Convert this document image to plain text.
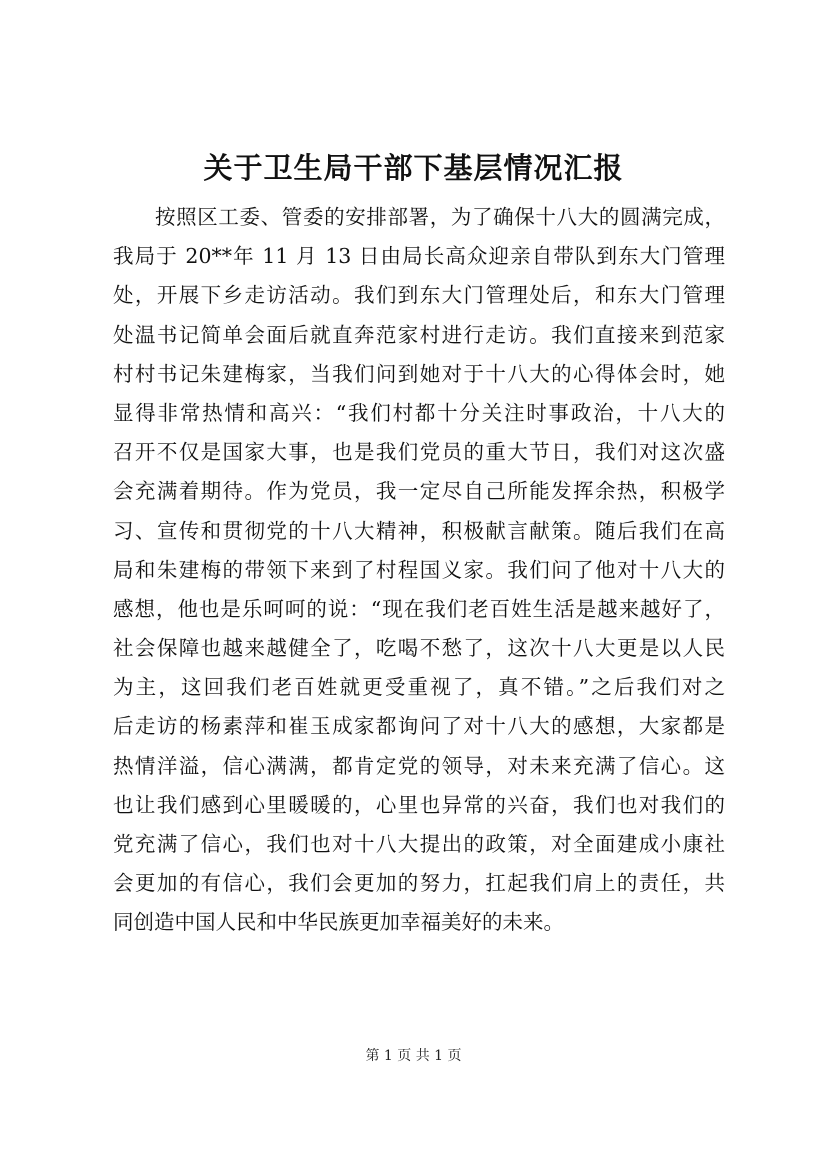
关于卫生局干部下基层情况汇报
按照区工委、管委的安排部署，为了确保十八大的圆满完成，
我局于 20**年 11 月 13 日由局长高众迎亲自带队到东大门管理
处，开展下乡走访活动。我们到东大门管理处后，和东大门管理
处温书记简单会面后就直奔范家村进行走访。我们直接来到范家
村村书记朱建梅家，当我们问到她对于十八大的心得体会时，她
显得非常热情和高兴：“我们村都十分关注时事政治，十八大的
召开不仅是国家大事，也是我们党员的重大节日，我们对这次盛
会充满着期待。作为党员，我一定尽自己所能发挥余热，积极学
习、宣传和贯彻党的十八大精神，积极献言献策。随后我们在高
局和朱建梅的带领下来到了村程国义家。我们问了他对十八大的
感想，他也是乐呵呵的说：“现在我们老百姓生活是越来越好了，
社会保障也越来越健全了，吃喝不愁了，这次十八大更是以人民
为主，这回我们老百姓就更受重视了，真不错。”之后我们对之
后走访的杨素萍和崔玉成家都询问了对十八大的感想，大家都是
热情洋溢，信心满满，都肯定党的领导，对未来充满了信心。这
也让我们感到心里暖暖的，心里也异常的兴奋，我们也对我们的
党充满了信心，我们也对十八大提出的政策，对全面建成小康社
会更加的有信心，我们会更加的努力，扛起我们肩上的责任，共
同创造中国人民和中华民族更加幸福美好的未来。
第 1 页 共 1 页
